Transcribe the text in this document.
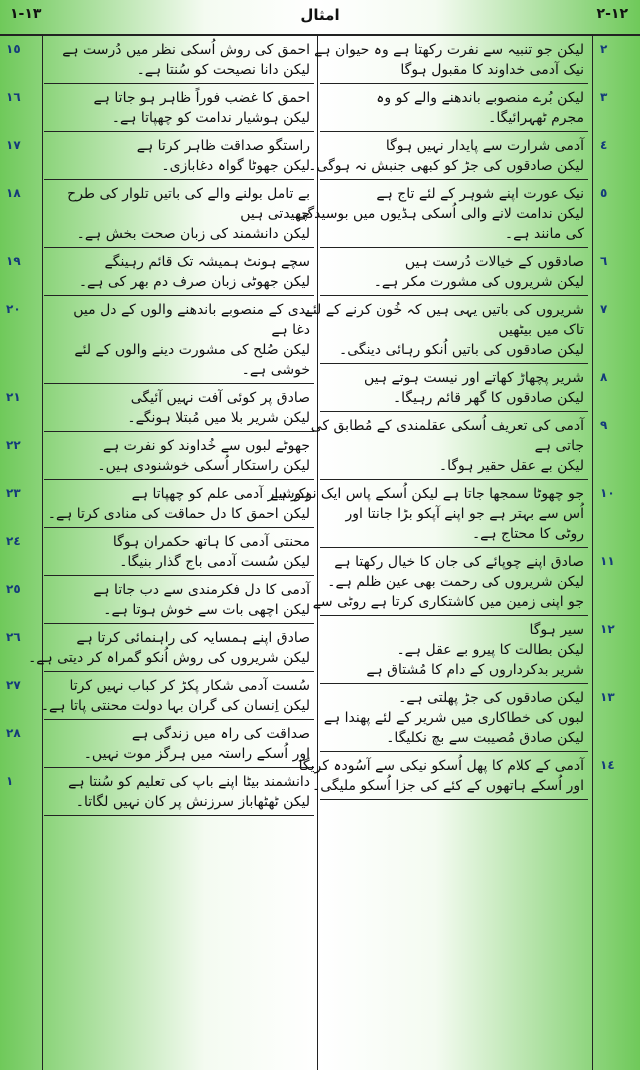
١٣-١	امثال	١٢-٢
احمق کی روش اُسکی نظر میں دُرست ہے
لیکن دانا نصیحت کو سُنتا ہے۔
احمق کا غضب فوراً ظاہر ہو جاتا ہے
لیکن ہوشیار ندامت کو چھپاتا ہے۔
راستگو صداقت ظاہر کرتا ہے
لیکن جھوٹا گواہ دغابازی۔
بے تامل بولنے والے کی باتیں تلوار کی طرح
چھیدتی ہیں
لیکن دانشمند کی زبان صحت بخش ہے۔
سچے ہونٹ ہمیشہ تک قائم رہینگے
لیکن جھوٹی زبان صرف دم بھر کی ہے۔
بدی کے منصوبے باندھنے والوں کے دل میں
دغا ہے
لیکن صُلح کی مشورت دینے والوں کے لئے
خوشی ہے۔
صادق پر کوئی آفت نہیں آئیگی
لیکن شریر بلا میں مُبتلا ہونگے۔
جھوٹے لبوں سے خُداوند کو نفرت ہے
لیکن راستکار اُسکی خوشنودی ہیں۔
ہوشیار آدمی علم کو چھپاتا ہے
لیکن احمق کا دل حماقت کی منادی کرتا ہے۔
محنتی آدمی کا ہاتھ حکمران ہوگا
لیکن سُست آدمی باج گذار بنیگا۔
آدمی کا دل فکرمندی سے دب جاتا ہے
لیکن اچھی بات سے خوش ہوتا ہے۔
صادق اپنے ہمسایہ کی راہنمائی کرتا ہے
لیکن شریروں کی روش اُنکو گمراہ کر دیتی ہے۔
سُست آدمی شکار پکڑ کر کباب نہیں کرتا
لیکن اِنسان کی گران بہا دولت محنتی پاتا ہے۔
صداقت کی راہ میں زندگی ہے
اور اُسکے راستہ میں ہرگز موت نہیں۔
دانشمند بیٹا اپنے باپ کی تعلیم کو سُنتا ہے
لیکن ٹھٹھاباز سرزنش پر کان نہیں لگاتا۔
لیکن جو تنبیہ سے نفرت رکھتا ہے وہ حیوان ہے
نیک آدمی خداوند کا مقبول ہوگا
لیکن بُرے منصوبے باندھنے والے کو وہ
مجرم ٹھہرائیگا۔
آدمی شرارت سے پایدار نہیں ہوگا
لیکن صادقوں کی جڑ کو کبھی جنبش نہ ہوگی۔
نیک عورت اپنے شوہر کے لئے تاج ہے
لیکن ندامت لانے والی اُسکی ہڈیوں میں بوسیدگی
کی مانند ہے۔
صادقوں کے خیالات دُرست ہیں
لیکن شریروں کی مشورت مکر ہے۔
شریروں کی باتیں یہی ہیں کہ خُون کرنے کے لئے
تاک میں بیٹھیں
لیکن صادقوں کی باتیں اُنکو رہائی دینگی۔
شریر پچھاڑ کھاتے اور نیست ہوتے ہیں
لیکن صادقوں کا گھر قائم رہیگا۔
آدمی کی تعریف اُسکی عقلمندی کے مُطابق کی
جاتی ہے
لیکن بے عقل حقیر ہوگا۔
جو چھوٹا سمجھا جاتا ہے لیکن اُسکے پاس ایک نوکر ہے
اُس سے بہتر ہے جو اپنے آپکو بڑا جانتا اور
روٹی کا محتاج ہے۔
صادق اپنے چوپائے کی جان کا خیال رکھتا ہے
لیکن شریروں کی رحمت بھی عین ظلم ہے۔
جو اپنی زمین میں کاشتکاری کرتا ہے روٹی سے
سیر ہوگا
لیکن بطالت کا پیرو بے عقل ہے۔
شریر بدکرداروں کے دام کا مُشتاق ہے
لیکن صادقوں کی جڑ پھلتی ہے۔
لبوں کی خطاکاری میں شریر کے لئے پھندا ہے
لیکن صادق مُصیبت سے بچ نکلیگا۔
آدمی کے کلام کا پھل اُسکو نیکی سے آسُودہ کریگا
اور اُسکے ہاتھوں کے کئے کی جزا اُسکو ملیگی۔
١٥
١٦
١٧
١٨
١٩
٢٠
٢١
٢٢
٢٣
٢٤
٢٥
٢٦
٢٧
٢٨
١
٢
٣
٤
٥
٦
٧
٨
٩
١٠
١١
١٢
١٣
١٤
